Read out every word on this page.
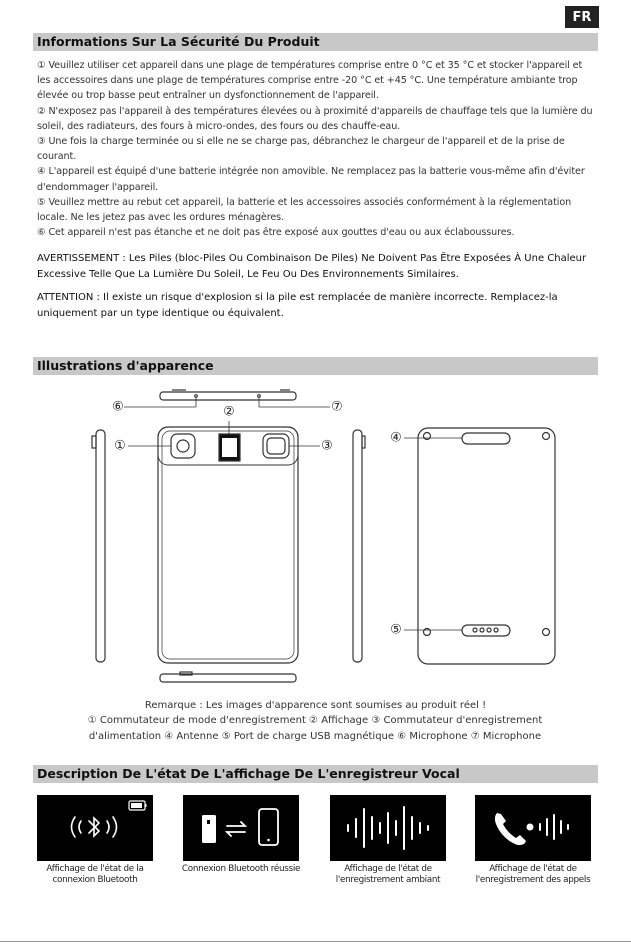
FR
Informations Sur La Sécurité Du Produit

① Veuillez utiliser cet appareil dans une plage de températures comprise entre 0 °C et 35 °C et stocker l'appareil et les accessoires dans une plage de températures comprise entre -20 °C et +45 °C. Une température ambiante trop élevée ou trop basse peut entraîner un dysfonctionnement de l'appareil.

② N'exposez pas l'appareil à des températures élevées ou à proximité d'appareils de chauffage tels que la lumière du soleil, des radiateurs, des fours à micro-ondes, des fours ou des chauffe-eau.

③ Une fois la charge terminée ou si elle ne se charge pas, débranchez le chargeur de l'appareil et de la prise de courant.

④ L'appareil est équipé d'une batterie intégrée non amovible. Ne remplacez pas la batterie vous-même afin d'éviter d'endommager l'appareil.

⑤ Veuillez mettre au rebut cet appareil, la batterie et les accessoires associés conformément à la réglementation locale. Ne les jetez pas avec les ordures ménagères.

⑥ Cet appareil n'est pas étanche et ne doit pas être exposé aux gouttes d'eau ou aux éclaboussures.

AVERTISSEMENT : Les Piles (bloc-Piles Ou Combinaison De Piles) Ne Doivent Pas Être Exposées À Une Chaleur Excessive Telle Que La Lumière Du Soleil, Le Feu Ou Des Environnements Similaires.

ATTENTION : Il existe un risque d'explosion si la pile est remplacée de manière incorrecte. Remplacez-la uniquement par un type identique ou équivalent.

Illustrations d'apparence
⑥	②	⑦
①	③
④
⑤
Remarque : Les images d'apparence sont soumises au produit réel !
① Commutateur de mode d'enregistrement ② Affichage ③ Commutateur d'enregistrement d'alimentation ④ Antenne ⑤ Port de charge USB magnétique ⑥ Microphone ⑦ Microphone
Description De L'état De L'affichage De L'enregistreur Vocal
Affichage de l'état de la connexion Bluetooth
Connexion Bluetooth réussie	Affichage de l'état de l'enregistrement ambiant
Affichage de l'état de l'enregistrement des appels
